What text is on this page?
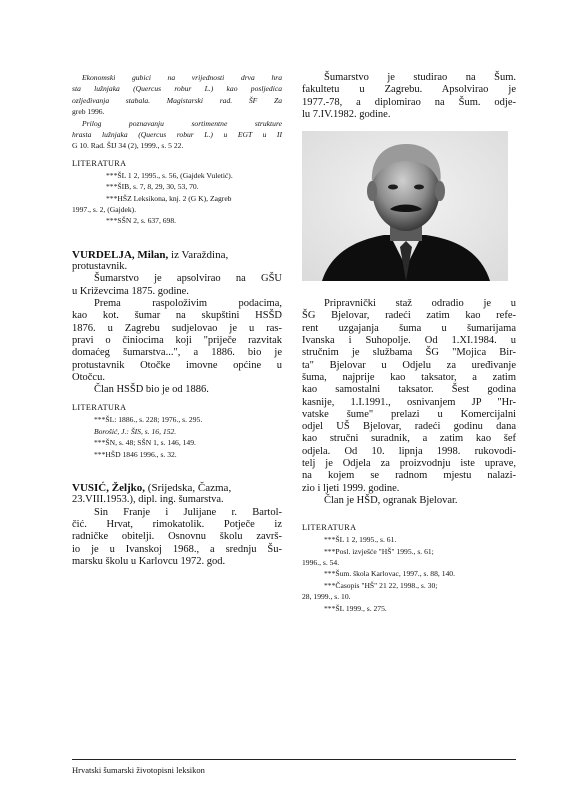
Ekonomski gubici na vrijednosti drva hra
sta lužnjaka (Quercus robur L.) kao posljedica
ozljeđivanja stabala. Magistarski rad. ŠF Za
greb 1996.
Prilog poznavanju sortimentne strukture
hrasta lužnjaka (Quercus robur L.) u EGT u II
G 10. Rad. ŠIJ 34 (2), 1999., s. 5 22.
LITERATURA
***ŠL 1 2, 1995., s. 56, (Gajdek Vuletić).
***ŠIB, s. 7, 8, 29, 30, 53, 70.
***HŠZ Leksikona, knj. 2 (G K), Zagreb
1997., s. 2, (Gajdek).
***SŠN 2, s. 637, 698.
VURDELJA, Milan, iz Varaždina,
protustavnik.
Šumarstvo je apsolvirao na GŠU
u Križevcima 1875. godine.
Prema raspoloživim podacima,
kao kot. šumar na skupštini HSŠD
1876. u Zagrebu sudjelovao je u ras-
pravi o činiocima koji "priječe razvitak
domaćeg šumarstva...", a 1886. bio je
protustavnik Otočke imovne općine u
Otočcu.
Član HSŠD bio je od 1886.
LITERATURA
***ŠL: 1886., s. 228; 1976., s. 295.
Borošić, J.: ŠIS, s. 16, 152.
***ŠN, s. 48; SŠN 1, s. 146, 149.
***HŠD 1846 1996., s. 32.
VUSIĆ, Željko, (Srijedska, Čazma,
23.VIII.1953.), dipl. ing. šumarstva.
Sin Franje i Julijane r. Bartol-
čić. Hrvat, rimokatolik. Potječe iz
radničke obitelji. Osnovnu školu završ-
io je u Ivanskoj 1968., a srednju Šu-
marsku školu u Karlovcu 1972. god.
Šumarstvo je studirao na Šum.
fakultetu u Zagrebu. Apsolvirao je
1977.-78, a diplomirao na Šum. odje-
lu 7.IV.1982. godine.
Pripravnički staž odradio je u
ŠG Bjelovar, radeći zatim kao refe-
rent uzgajanja šuma u šumarijama
Ivanska i Suhopolje. Od 1.XI.1984. u
stručnim je službama ŠG "Mojica Bir-
ta" Bjelovar u Odjelu za uređivanje
šuma, najprije kao taksator, a zatim
kao samostalni taksator. Šest godina
kasnije, 1.I.1991., osnivanjem JP "Hr-
vatske šume" prelazi u Komercijalni
odjel UŠ Bjelovar, radeći godinu dana
kao stručni suradnik, a zatim kao šef
odjela. Od 10. lipnja 1998. rukovodi-
telj je Odjela za proizvodnju iste uprave,
na kojem se radnom mjestu nalazi-
zio i ljeti 1999. godine.
Član je HŠD, ogranak Bjelovar.
LITERATURA
***ŠL 1 2, 1995., s. 61.
***Posl. izvješće "HŠ" 1995., s. 61;
1996., s. 54.
***Šum. škola Karlovac, 1997., s. 88, 140.
***Časopis "HŠ" 21 22, 1998., s. 30;
28, 1999., s. 10.
***ŠL 1999., s. 275.
Hrvatski šumarski životopisni leksikon
